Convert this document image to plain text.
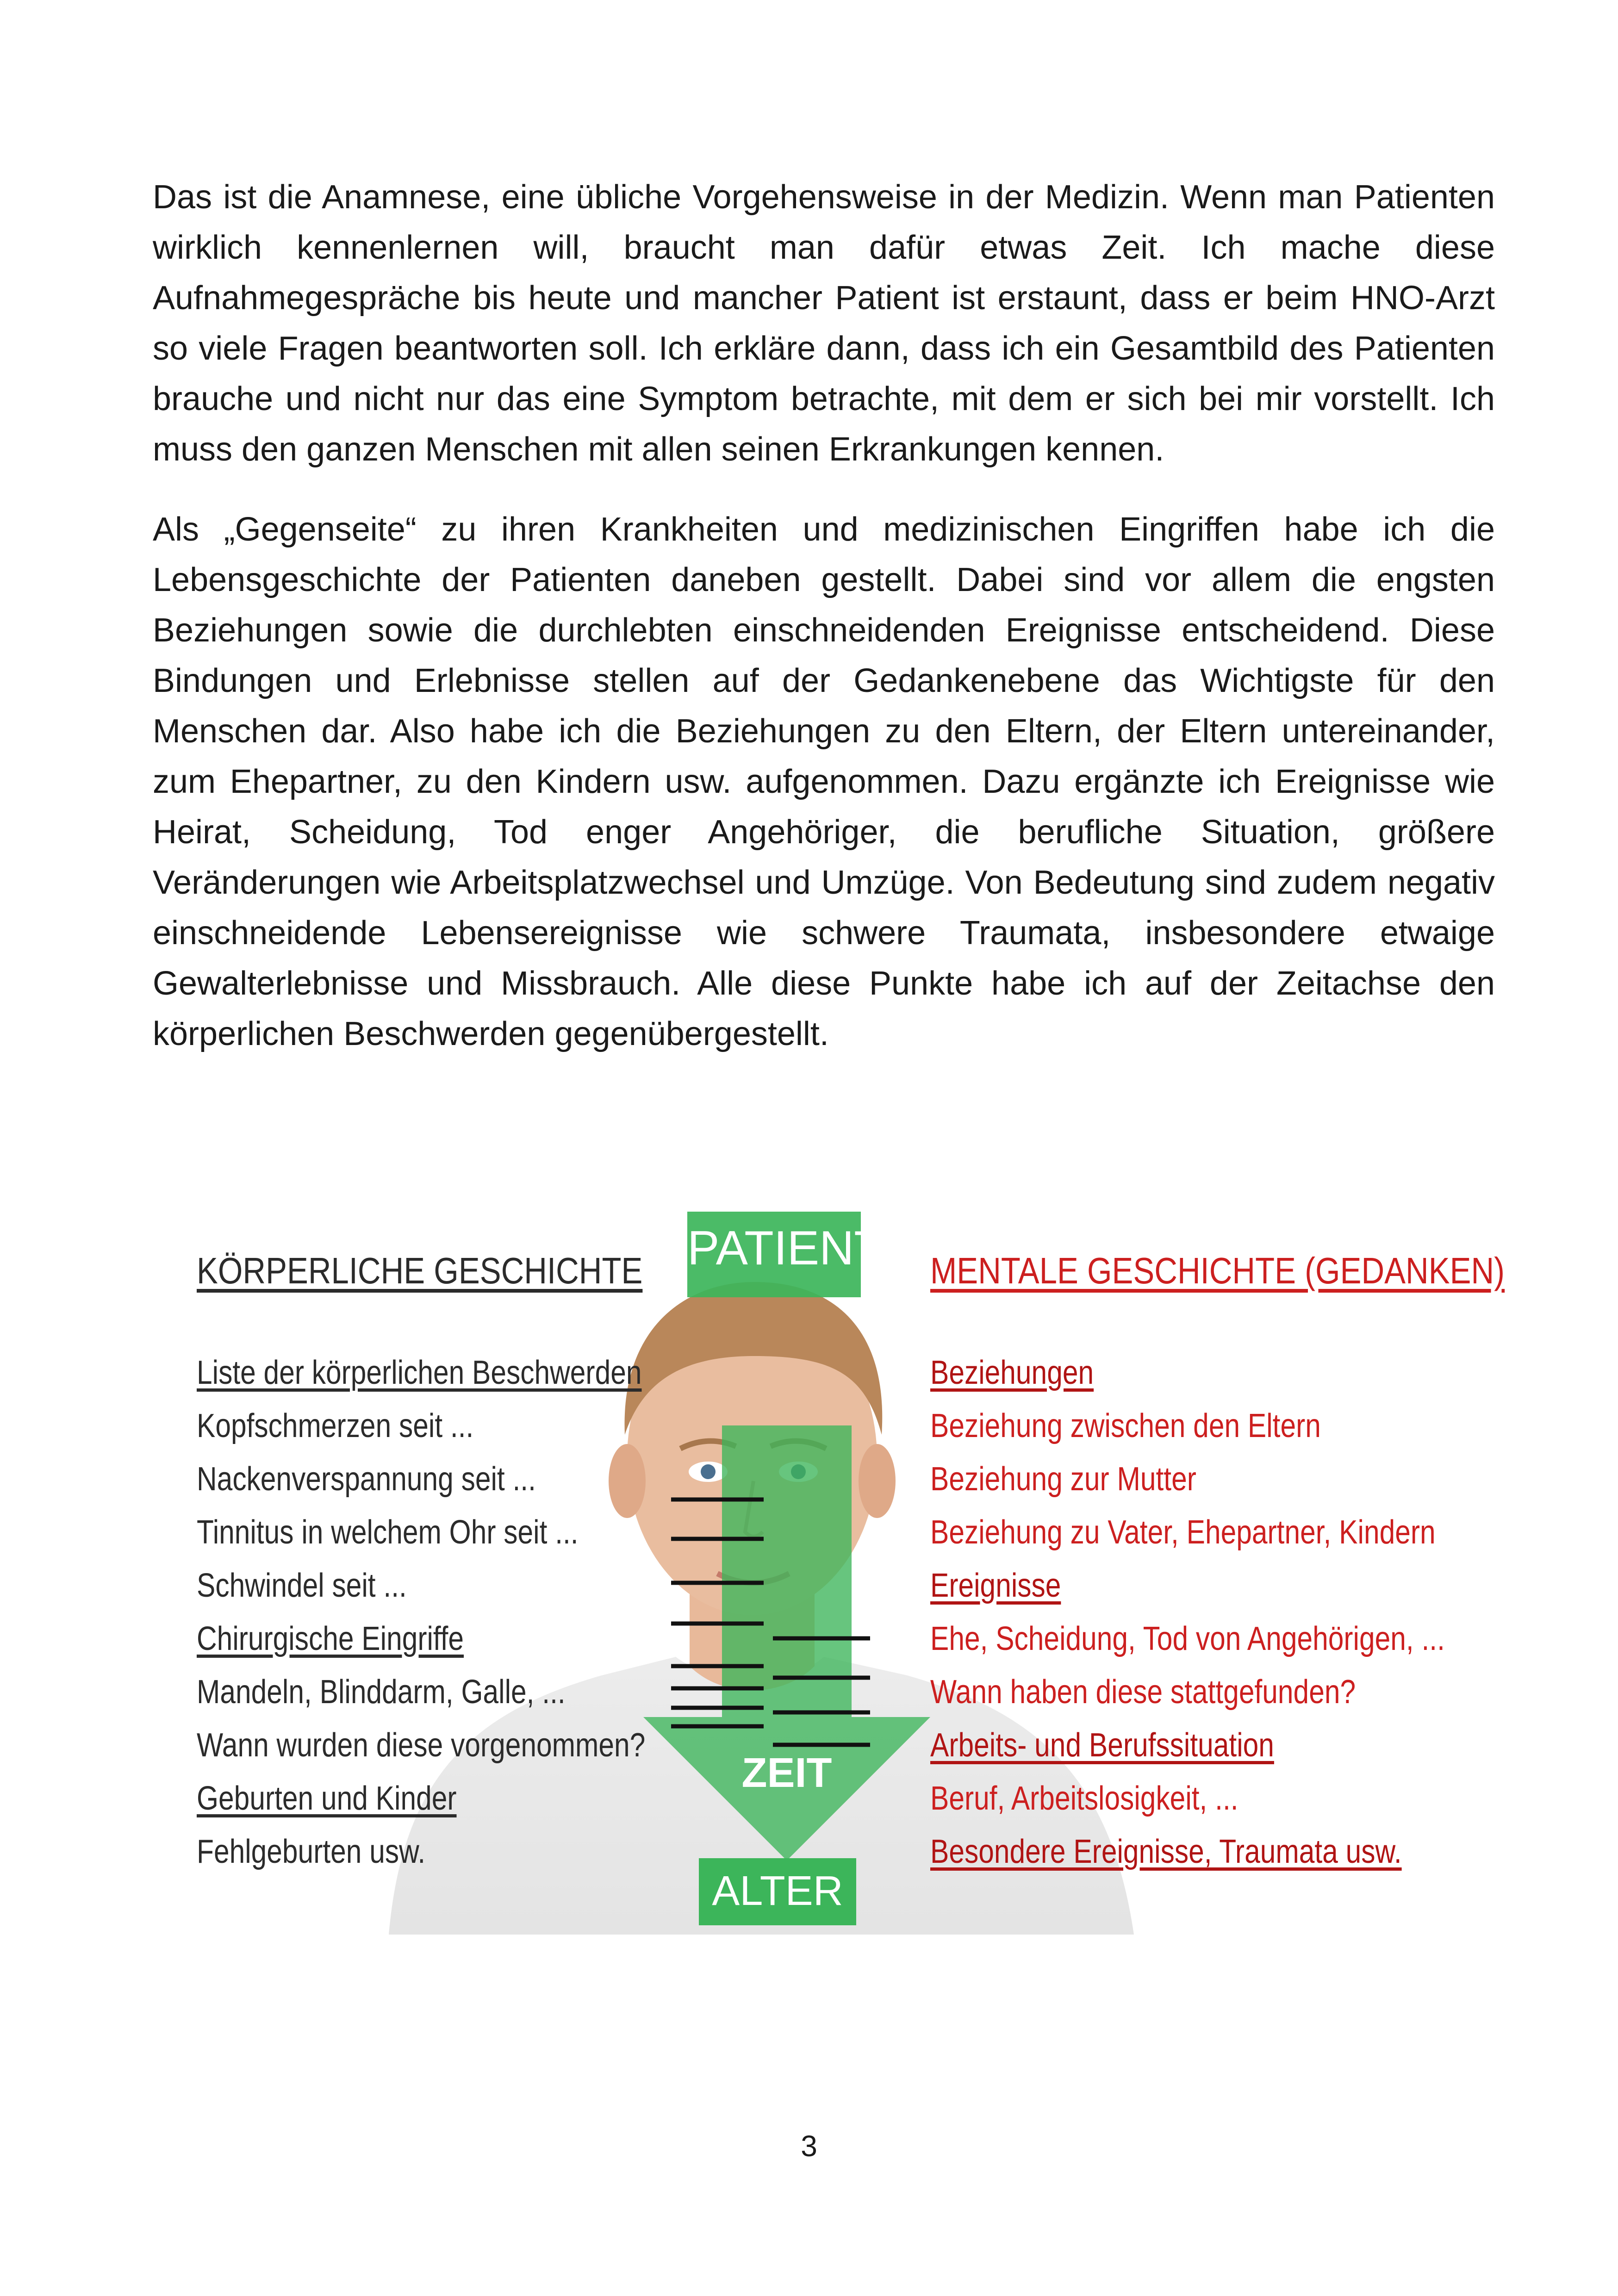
Das ist die Anamnese, eine übliche Vorgehensweise in der Medizin. Wenn man Patienten wirklich kennenlernen will, braucht man dafür etwas Zeit. Ich mache diese Aufnahmegespräche bis heute und mancher Patient ist erstaunt, dass er beim HNO-Arzt so viele Fragen beantworten soll. Ich erkläre dann, dass ich ein Gesamtbild des Patienten brauche und nicht nur das eine Symptom betrachte, mit dem er sich bei mir vorstellt. Ich muss den ganzen Menschen mit allen seinen Erkrankungen kennen.

Als „Gegenseite“ zu ihren Krankheiten und medizinischen Eingriffen habe ich die Lebensgeschichte der Patienten daneben gestellt. Dabei sind vor allem die engsten Beziehungen sowie die durchlebten einschneidenden Ereignisse entscheidend. Diese Bindungen und Erlebnisse stellen auf der Gedankenebene das Wichtigste für den Menschen dar. Also habe ich die Beziehungen zu den Eltern, der Eltern untereinander, zum Ehepartner, zu den Kindern usw. aufgenommen. Dazu ergänzte ich Ereignisse wie Heirat, Scheidung, Tod enger Angehöriger, die berufliche Situation, größere Veränderungen wie Arbeitsplatzwechsel und Umzüge. Von Bedeutung sind zudem negativ einschneidende Lebensereignisse wie schwere Traumata, insbesondere etwaige Gewalterlebnisse und Missbrauch. Alle diese Punkte habe ich auf der Zeitachse den körperlichen Beschwerden gegenübergestellt.

PATIENT
ZEIT
ALTER
KÖRPERLICHE GESCHICHTE
Liste der körperlichen Beschwerden
Kopfschmerzen seit ...
Nackenverspannung seit ...
Tinnitus in welchem Ohr seit ...
Schwindel seit ...
Chirurgische Eingriffe
Mandeln, Blinddarm, Galle, ...
Wann wurden diese vorgenommen?
Geburten und Kinder
Fehlgeburten usw.
MENTALE GESCHICHTE (GEDANKEN)
Beziehungen
Beziehung zwischen den Eltern
Beziehung zur Mutter
Beziehung zu Vater, Ehepartner, Kindern
Ereignisse
Ehe, Scheidung, Tod von Angehörigen, ...
Wann haben diese stattgefunden?
Arbeits- und Berufssituation
Beruf, Arbeitslosigkeit, ...
Besondere Ereignisse, Traumata usw.
3
